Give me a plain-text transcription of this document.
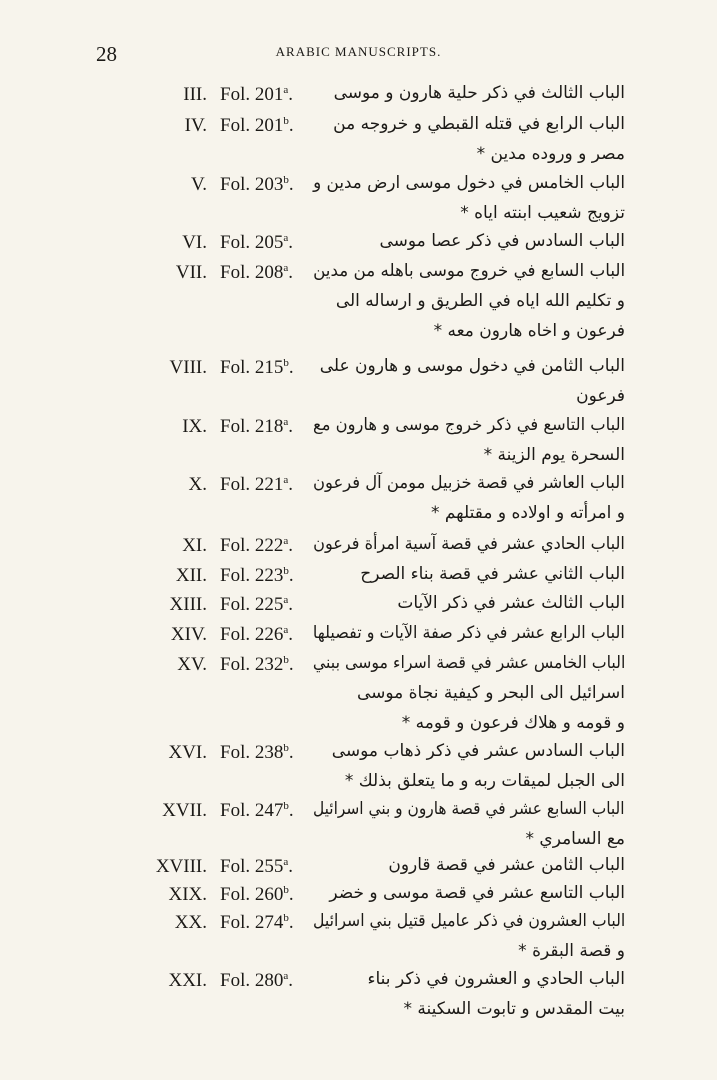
28	ARABIC MANUSCRIPTS.
III. Fol. 201$^a$. الباب الثالث في ذكر حلية هارون و موسى
IV. Fol. 201$^b$. الباب الرابع في قتله القبطي و خروجه من
مصر و وروده مدين *
V. Fol. 203$^b$. الباب الخامس في دخول موسى ارض مدين و
تزويج شعيب ابنته اياه *
VI. Fol. 205$^a$.	الباب السادس في ذكر عصا موسى
VII. Fol. 208$^a$. الباب السابع في خروج موسى باهله من مدين
و تكليم الله اياه في الطريق و ارساله الى
فرعون و اخاه هارون معه *
VIII. Fol. 215$^b$. الباب الثامن في دخول موسى و هارون على
فرعون
IX. Fol. 218$^a$. الباب التاسع في ذكر خروج موسى و هارون مع
السحرة يوم الزينة *
X. Fol. 221$^a$. الباب العاشر في قصة خزبيل مومن آل فرعون
و امرأته و اولاده و مقتلهم *
XI. Fol. 222$^a$. الباب الحادي عشر في قصة آسية امرأة فرعون
XII. Fol. 223$^b$.	الباب الثاني عشر في قصة بناء الصرح
XIII. Fol. 225$^a$.	الباب الثالث عشر في ذكر الآيات
XIV. Fol. 226$^a$. الباب الرابع عشر في ذكر صفة الآيات و تفصيلها
XV. Fol. 232$^b$. الباب الخامس عشر في قصة اسراء موسى ببني
اسرائيل الى البحر و كيفية نجاة موسى
و قومه و هلاك فرعون و قومه *
XVI. Fol. 238$^b$. الباب السادس عشر في ذكر ذهاب موسى
الى الجبل لميقات ربه و ما يتعلق بذلك *
XVII. Fol. 247$^b$. الباب السابع عشر في قصة هارون و بني اسرائيل
مع السامري *
XVIII. Fol. 255$^a$.	الباب الثامن عشر في قصة قارون
XIX. Fol. 260$^b$. الباب التاسع عشر في قصة موسى و خضر
XX. Fol. 274$^b$. الباب العشرون في ذكر عاميل قتيل بني اسرائيل
و قصة البقرة *
XXI. Fol. 280$^a$.	الباب الحادي و العشرون في ذكر بناء
بيت المقدس و تابوت السكينة *
